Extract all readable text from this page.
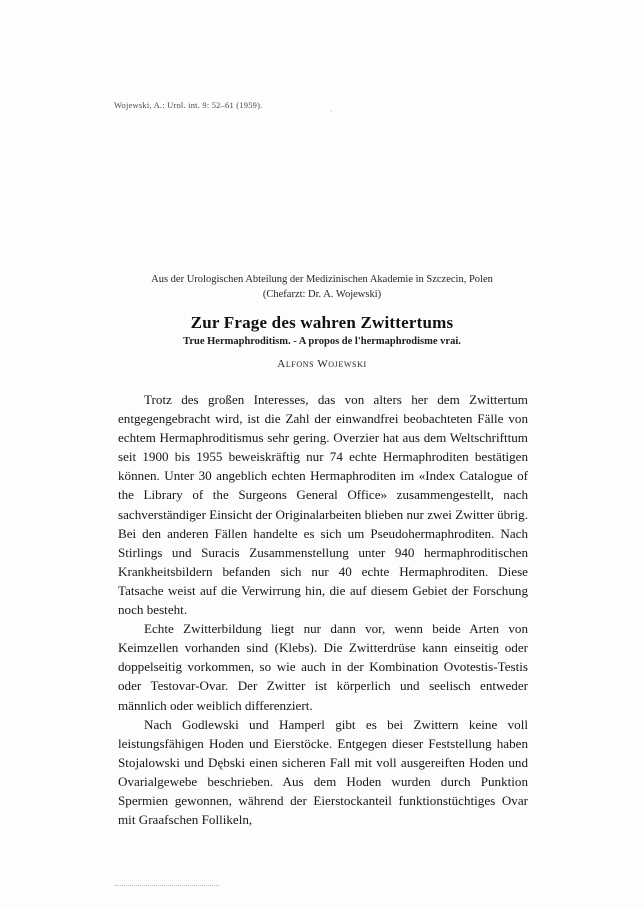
Wojewski, A.: Urol. int. 9: 52–61 (1959).
·
Aus der Urologischen Abteilung der Medizinischen Akademie in Szczecin, Polen
(Chefarzt: Dr. A. Wojewski)
Zur Frage des wahren Zwittertums
True Hermaphroditism. - A propos de l'hermaphrodisme vrai.
Alfons Wojewski

Trotz des großen Interesses, das von alters her dem Zwittertum entgegengebracht wird, ist die Zahl der einwandfrei beobachteten Fälle von echtem Hermaphroditismus sehr gering. Overzier hat aus dem Weltschrifttum seit 1900 bis 1955 beweiskräftig nur 74 echte Hermaphroditen bestätigen können. Unter 30 angeblich echten Hermaphroditen im «Index Catalogue of the Library of the Surgeons General Office» zusammengestellt, nach sachverständiger Einsicht der Originalarbeiten blieben nur zwei Zwitter übrig. Bei den anderen Fällen handelte es sich um Pseudohermaphroditen. Nach Stirlings und Suracis Zusammenstellung unter 940 hermaphroditischen Krankheitsbildern befanden sich nur 40 echte Hermaphroditen. Diese Tatsache weist auf die Verwirrung hin, die auf diesem Gebiet der Forschung noch besteht.

Echte Zwitterbildung liegt nur dann vor, wenn beide Arten von Keimzellen vorhanden sind (Klebs). Die Zwitterdrüse kann einseitig oder doppelseitig vorkommen, so wie auch in der Kombination Ovotestis-Testis oder Testovar-Ovar. Der Zwitter ist körperlich und seelisch entweder männlich oder weiblich differenziert.

Nach Godlewski und Hamperl gibt es bei Zwittern keine voll leistungsfähigen Hoden und Eierstöcke. Entgegen dieser Feststellung haben Stojalowski und Dębski einen sicheren Fall mit voll ausgereiften Hoden und Ovarialgewebe beschrieben. Aus dem Hoden wurden durch Punktion Spermien gewonnen, während der Eierstockanteil funktionstüchtiges Ovar mit Graafschen Follikeln,
